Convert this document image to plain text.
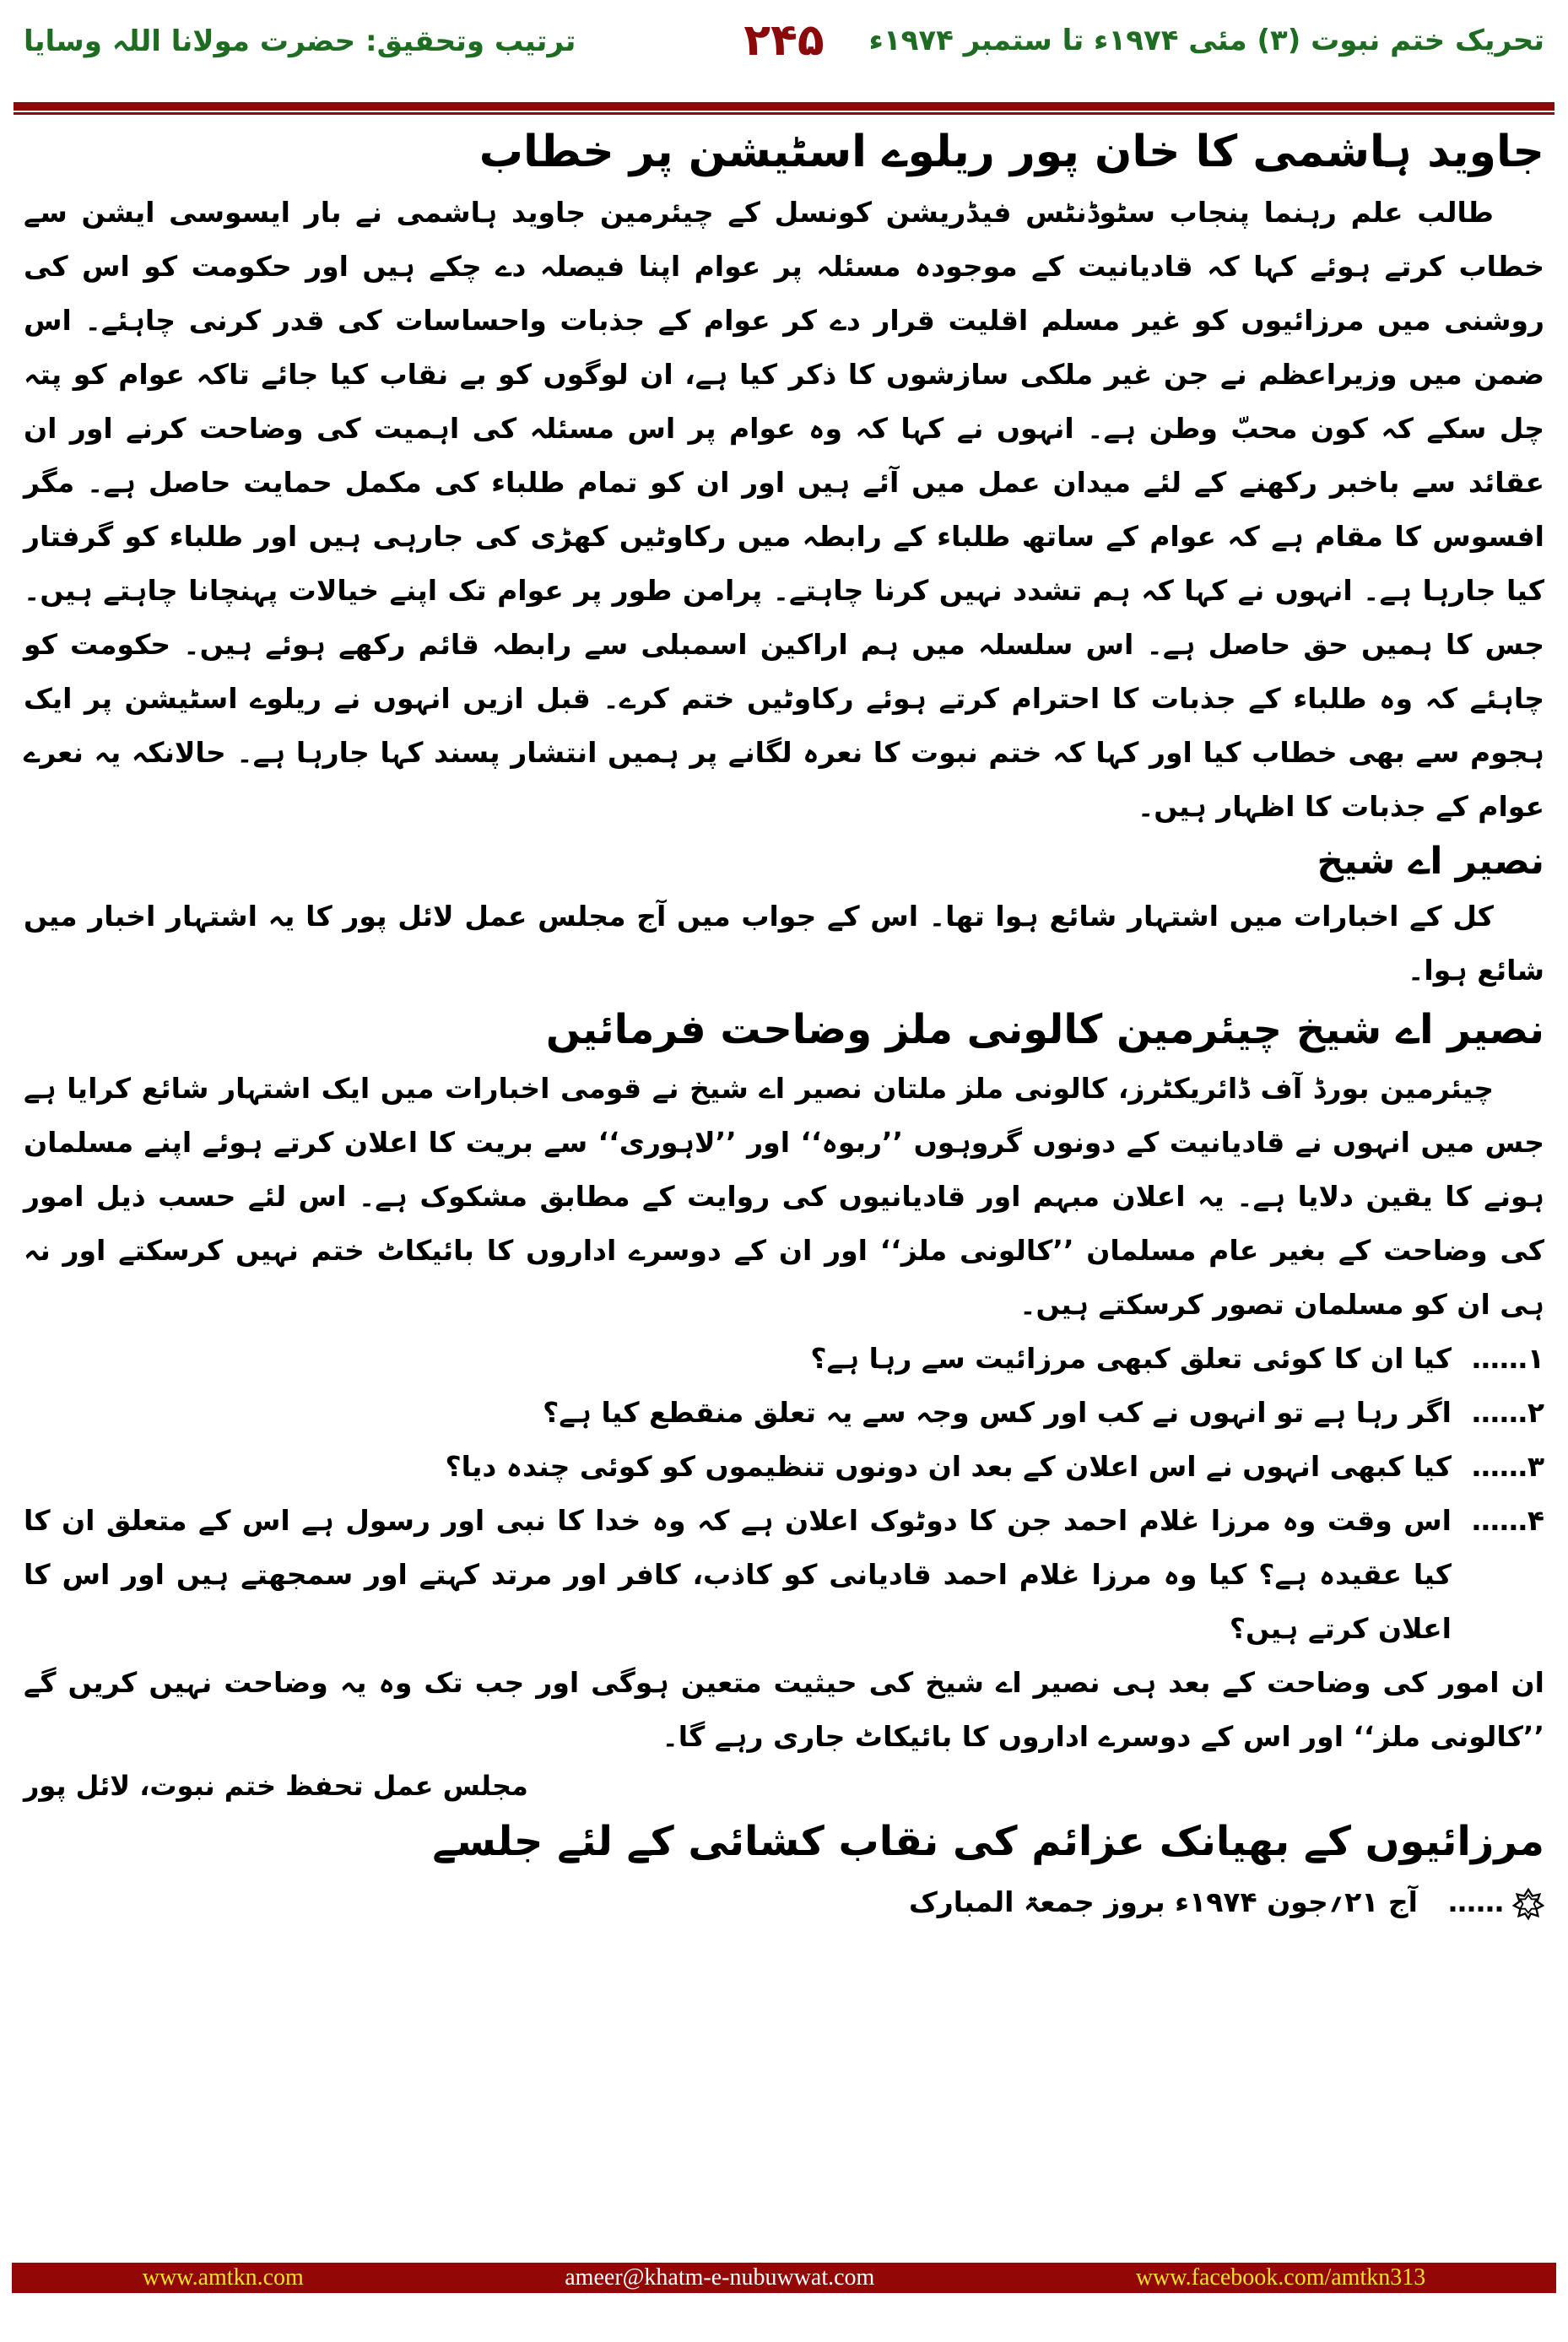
تحریک ختم نبوت (۳) مئی ۱۹۷۴ء تا ستمبر ۱۹۷۴ء
۲۴۵
ترتیب وتحقیق: حضرت مولانا اللہ وسایا
جاوید ہاشمی کا خان پور ریلوے اسٹیشن پر خطاب

طالب علم رہنما پنجاب سٹوڈنٹس فیڈریشن کونسل کے چیئرمین جاوید ہاشمی نے بار ایسوسی ایشن سے خطاب کرتے ہوئے کہا کہ قادیانیت کے موجودہ مسئلہ پر عوام اپنا فیصلہ دے چکے ہیں اور حکومت کو اس کی روشنی میں مرزائیوں کو غیر مسلم اقلیت قرار دے کر عوام کے جذبات واحساسات کی قدر کرنی چاہئے۔ اس ضمن میں وزیراعظم نے جن غیر ملکی سازشوں کا ذکر کیا ہے، ان لوگوں کو بے نقاب کیا جائے تاکہ عوام کو پتہ چل سکے کہ کون محبّ وطن ہے۔ انہوں نے کہا کہ وہ عوام پر اس مسئلہ کی اہمیت کی وضاحت کرنے اور ان عقائد سے باخبر رکھنے کے لئے میدان عمل میں آئے ہیں اور ان کو تمام طلباء کی مکمل حمایت حاصل ہے۔ مگر افسوس کا مقام ہے کہ عوام کے ساتھ طلباء کے رابطہ میں رکاوٹیں کھڑی کی جارہی ہیں اور طلباء کو گرفتار کیا جارہا ہے۔ انہوں نے کہا کہ ہم تشدد نہیں کرنا چاہتے۔ پرامن طور پر عوام تک اپنے خیالات پہنچانا چاہتے ہیں۔ جس کا ہمیں حق حاصل ہے۔ اس سلسلہ میں ہم اراکین اسمبلی سے رابطہ قائم رکھے ہوئے ہیں۔ حکومت کو چاہئے کہ وہ طلباء کے جذبات کا احترام کرتے ہوئے رکاوٹیں ختم کرے۔ قبل ازیں انہوں نے ریلوے اسٹیشن پر ایک ہجوم سے بھی خطاب کیا اور کہا کہ ختم نبوت کا نعرہ لگانے پر ہمیں انتشار پسند کہا جارہا ہے۔ حالانکہ یہ نعرے عوام کے جذبات کا اظہار ہیں۔

نصیر اے شیخ

کل کے اخبارات میں اشتہار شائع ہوا تھا۔ اس کے جواب میں آج مجلس عمل لائل پور کا یہ اشتہار اخبار میں شائع ہوا۔

نصیر اے شیخ چیئرمین کالونی ملز وضاحت فرمائیں

چیئرمین بورڈ آف ڈائریکٹرز، کالونی ملز ملتان نصیر اے شیخ نے قومی اخبارات میں ایک اشتہار شائع کرایا ہے جس میں انہوں نے قادیانیت کے دونوں گروہوں ’’ربوہ‘‘ اور ’’لاہوری‘‘ سے بریت کا اعلان کرتے ہوئے اپنے مسلمان ہونے کا یقین دلایا ہے۔ یہ اعلان مبہم اور قادیانیوں کی روایت کے مطابق مشکوک ہے۔ اس لئے حسب ذیل امور کی وضاحت کے بغیر عام مسلمان ’’کالونی ملز‘‘ اور ان کے دوسرے اداروں کا بائیکاٹ ختم نہیں کرسکتے اور نہ ہی ان کو مسلمان تصور کرسکتے ہیں۔

۱……
کیا ان کا کوئی تعلق کبھی مرزائیت سے رہا ہے؟
۲……
اگر رہا ہے تو انہوں نے کب اور کس وجہ سے یہ تعلق منقطع کیا ہے؟
۳……
کیا کبھی انہوں نے اس اعلان کے بعد ان دونوں تنظیموں کو کوئی چندہ دیا؟
۴……
اس وقت وہ مرزا غلام احمد جن کا دوٹوک اعلان ہے کہ وہ خدا کا نبی اور رسول ہے اس کے متعلق ان کا کیا عقیدہ ہے؟ کیا وہ مرزا غلام احمد قادیانی کو کاذب، کافر اور مرتد کہتے اور سمجھتے ہیں اور اس کا اعلان کرتے ہیں؟

ان امور کی وضاحت کے بعد ہی نصیر اے شیخ کی حیثیت متعین ہوگی اور جب تک وہ یہ وضاحت نہیں کریں گے ’’کالونی ملز‘‘ اور اس کے دوسرے اداروں کا بائیکاٹ جاری رہے گا۔

مجلس عمل تحفظ ختم نبوت، لائل پور
مرزائیوں کے بھیانک عزائم کی نقاب کشائی کے لئے جلسے
……
آج ۲۱؍جون ۱۹۷۴ء بروز جمعۃ المبارک
www.amtkn.com	ameer@khatm-e-nubuwwat.com	www.facebook.com/amtkn313
